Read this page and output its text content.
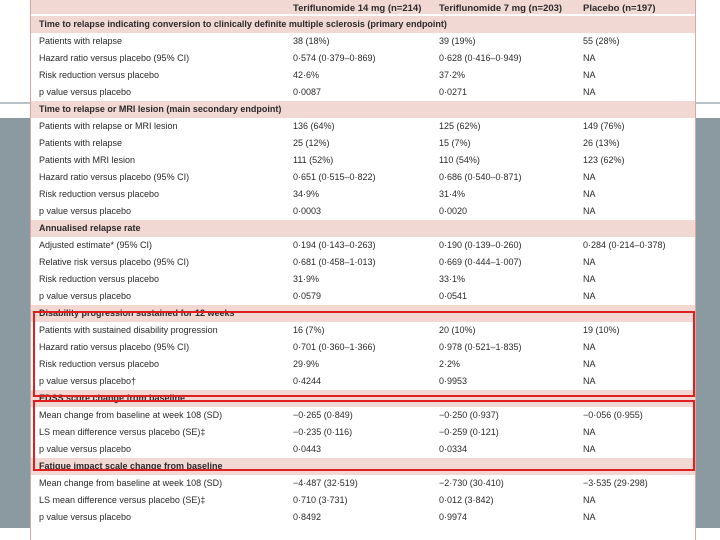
Teriflunomide 14 mg (n=214) Teriflunomide 7 mg (n=203) Placebo (n=197)
Time to relapse indicating conversion to clinically definite multiple sclerosis (primary endpoint)
Patients with relapse	38 (18%)	39 (19%)	55 (28%)
Hazard ratio versus placebo (95% CI)	0·574 (0·379–0·869)	0·628 (0·416–0·949)	NA
Risk reduction versus placebo	42·6%	37·2%	NA
p value versus placebo	0·0087	0·0271	NA
Time to relapse or MRI lesion (main secondary endpoint)
Patients with relapse or MRI lesion	136 (64%)	125 (62%)	149 (76%)
Patients with relapse	25 (12%)	15 (7%)	26 (13%)
Patients with MRI lesion	111 (52%)	110 (54%)	123 (62%)
Hazard ratio versus placebo (95% CI)	0·651 (0·515–0·822)	0·686 (0·540–0·871)	NA
Risk reduction versus placebo	34·9%	31·4%	NA
p value versus placebo	0·0003	0·0020	NA
Annualised relapse rate
Adjusted estimate* (95% CI)	0·194 (0·143–0·263)	0·190 (0·139–0·260)	0·284 (0·214–0·378)
Relative risk versus placebo (95% CI)	0·681 (0·458–1·013)	0·669 (0·444–1·007)	NA
Risk reduction versus placebo	31·9%	33·1%	NA
p value versus placebo	0·0579	0·0541	NA
Disability progression sustained for 12 weeks
Patients with sustained disability progression	16 (7%)	20 (10%)	19 (10%)
Hazard ratio versus placebo (95% CI)	0·701 (0·360–1·366)	0·978 (0·521–1·835)	NA
Risk reduction versus placebo	29·9%	2·2%	NA
p value versus placebo†	0·4244	0·9953	NA
EDSS score change from baseline
Mean change from baseline at week 108 (SD)	−0·265 (0·849)	−0·250 (0·937)	−0·056 (0·955)
LS mean difference versus placebo (SE)‡	−0·235 (0·116)	−0·259 (0·121)	NA
p value versus placebo	0·0443	0·0334	NA
Fatigue impact scale change from baseline
Mean change from baseline at week 108 (SD)	−4·487 (32·519)	−2·730 (30·410)	−3·535 (29·298)
LS mean difference versus placebo (SE)‡	0·710 (3·731)	0·012 (3·842)	NA
p value versus placebo	0·8492	0·9974	NA
